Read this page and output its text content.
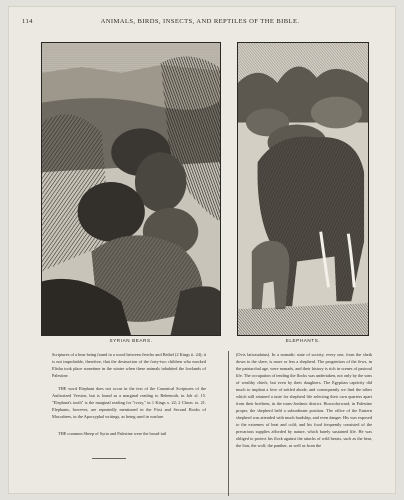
114	ANIMALS, BIRDS, INSECTS, AND REPTILES OF THE BIBLE.
SYRIAN BEARS.	ELEPHANTS.

Scriptures of a bear being found in a wood between Jericho and Bethel (2 Kings ii. 24); it is not improbable, therefore, that the destruction of the forty-two children who mocked Elisha took place sometime in the winter when these animals inhabited the lowlands of Palestine.

THE word Elephant does not occur in the text of the Canonical Scriptures of the Authorized Version, but is found as a marginal reading to Behemoth, in Job xl. 15. "Elephant's tooth" is the marginal reading for "ivory," in 1 Kings x. 22; 2 Chron. ix. 21. Elephants, however, are repeatedly mentioned in the First and Second Books of Maccabees, in the Apocryphal writings, as being used in warfare.

THE common Sheep of Syria and Palestine were the broad-tail

(Ovis laticaudatus). In a nomadic state of society, every one, from the sheik down to the slave, is more or less a shepherd. The progenitors of the Jews, in the patriarchal age, were nomads, and their history is rich in scenes of pastoral life. The occupation of tending the flocks was undertaken, not only by the sons of wealthy chiefs, but even by their daughters. The Egyptian captivity did much to implant a love of settled abode, and consequently we find the tribes which still retained a taste for shepherd life selecting their own quarters apart from their brethren, in the trans-Jordanic district. Howsoforward, in Palestine proper, the shepherd held a subordinate position. The office of the Eastern shepherd was attended with much hardship, and even danger. His was exposed to the extremes of heat and cold; and his food frequently consisted of the precarious supplies afforded by nature, which barely sustained life. He was obliged to protect his flock against the attacks of wild beasts, such as the bear, the lion, the wolf, the panther, as well as from the
